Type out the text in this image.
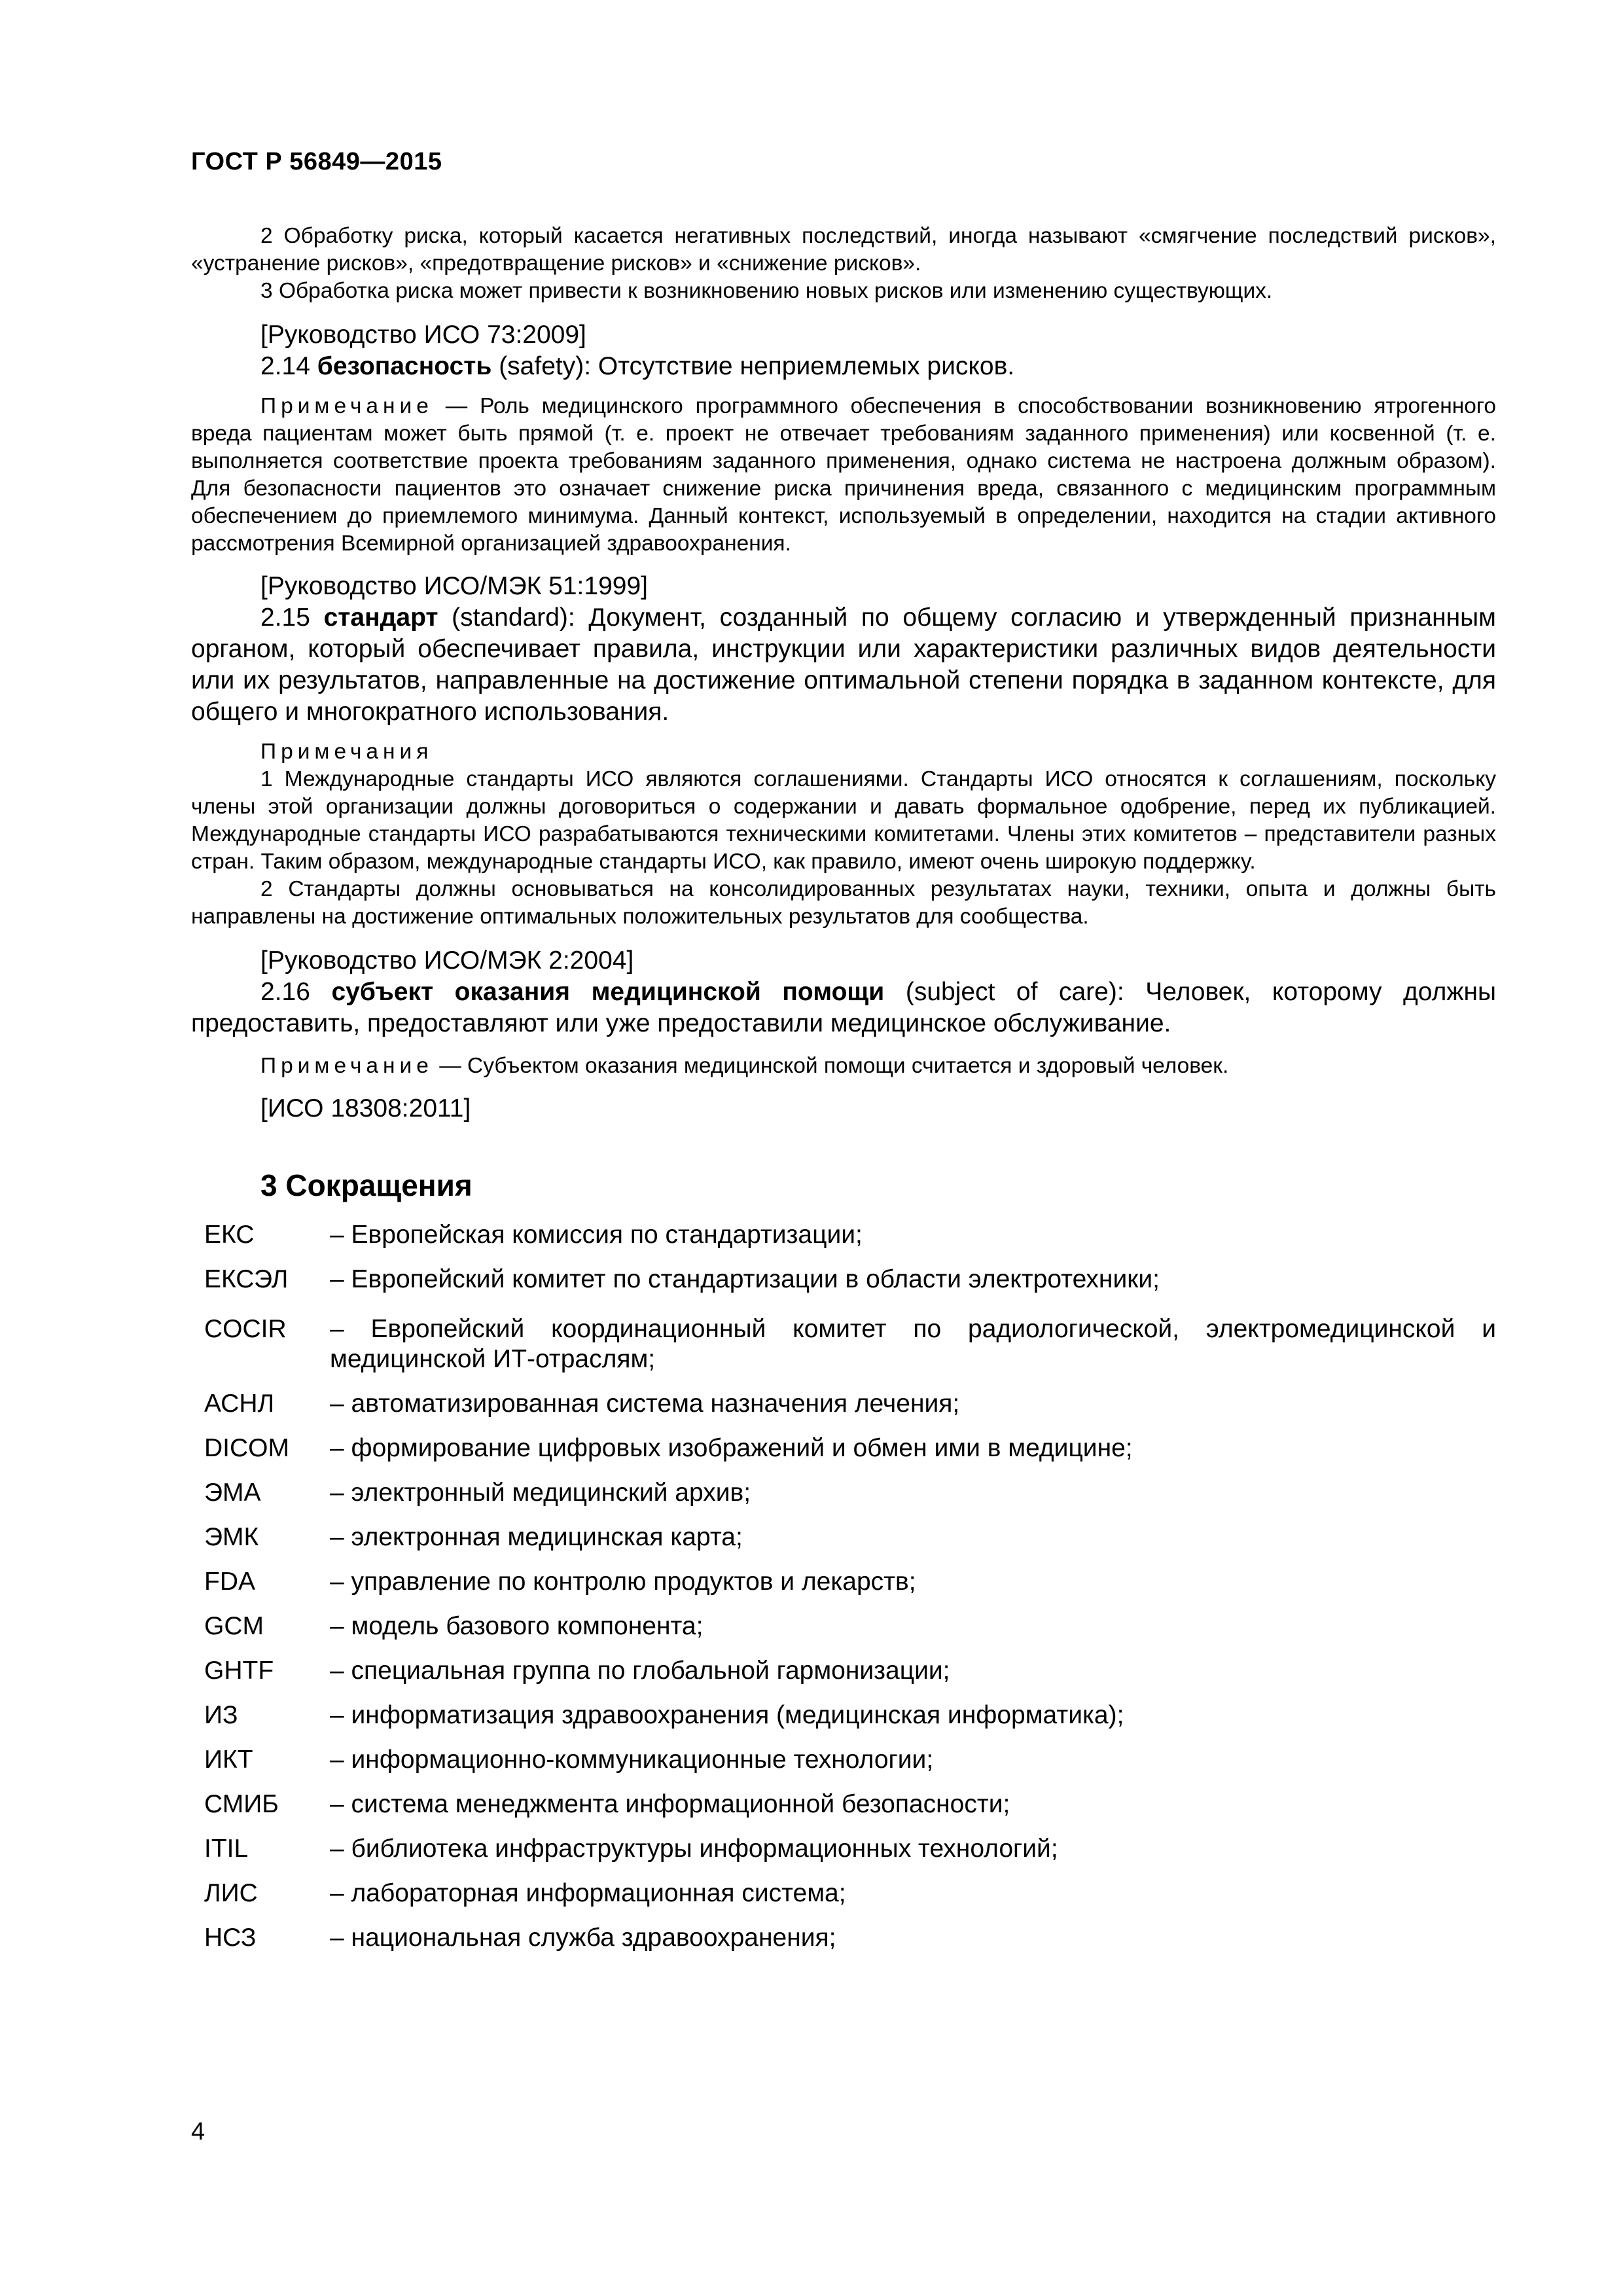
ГОСТ Р 56849—2015

2 Обработку риска, который касается негативных последствий, иногда называют «смягчение последствий рисков», «устранение рисков», «предотвращение рисков» и «снижение рисков».

3 Обработка риска может привести к возникновению новых рисков или изменению существующих.

[Руководство ИСО 73:2009]

2.14 безопасность (safety): Отсутствие неприемлемых рисков.

Примечание — Роль медицинского программного обеспечения в способствовании возникновению ятрогенного вреда пациентам может быть прямой (т. е. проект не отвечает требованиям заданного применения) или косвенной (т. е. выполняется соответствие проекта требованиям заданного применения, однако система не настроена должным образом). Для безопасности пациентов это означает снижение риска причинения вреда, связанного с медицинским программным обеспечением до приемлемого минимума. Данный контекст, используемый в определении, находится на стадии активного рассмотрения Всемирной организацией здравоохранения.

[Руководство ИСО/МЭК 51:1999]

2.15 стандарт (standard): Документ, созданный по общему согласию и утвержденный признанным органом, который обеспечивает правила, инструкции или характеристики различных видов деятельности или их результатов, направленные на достижение оптимальной степени порядка в заданном контексте, для общего и многократного использования.

Примечания

1 Международные стандарты ИСО являются соглашениями. Стандарты ИСО относятся к соглашениям, поскольку члены этой организации должны договориться о содержании и давать формальное одобрение, перед их публикацией. Международные стандарты ИСО разрабатываются техническими комитетами. Члены этих комитетов – представители разных стран. Таким образом, международные стандарты ИСО, как правило, имеют очень широкую поддержку.

2 Стандарты должны основываться на консолидированных результатах науки, техники, опыта и должны быть направлены на достижение оптимальных положительных результатов для сообщества.

[Руководство ИСО/МЭК 2:2004]

2.16 субъект оказания медицинской помощи (subject of care): Человек, которому должны предоставить, предоставляют или уже предоставили медицинское обслуживание.

Примечание — Субъектом оказания медицинской помощи считается и здоровый человек.

[ИСО 18308:2011]

3 Сокращения
ЕКС	– Европейская комиссия по стандартизации;
ЕКСЭЛ	– Европейский комитет по стандартизации в области электротехники;
COCIR	– Европейский координационный комитет по радиологической, электромедицинской и медицинской ИТ-отраслям;
АСНЛ	– автоматизированная система назначения лечения;
DICOM	– формирование цифровых изображений и обмен ими в медицине;
ЭМА	– электронный медицинский архив;
ЭМК	– электронная медицинская карта;
FDA	– управление по контролю продуктов и лекарств;
GCM	– модель базового компонента;
GHTF	– специальная группа по глобальной гармонизации;
ИЗ	– информатизация здравоохранения (медицинская информатика);
ИКТ	– информационно-коммуникационные технологии;
СМИБ	– система менеджмента информационной безопасности;
ITIL	– библиотека инфраструктуры информационных технологий;
ЛИС	– лабораторная информационная система;
НСЗ	– национальная служба здравоохранения;
4
